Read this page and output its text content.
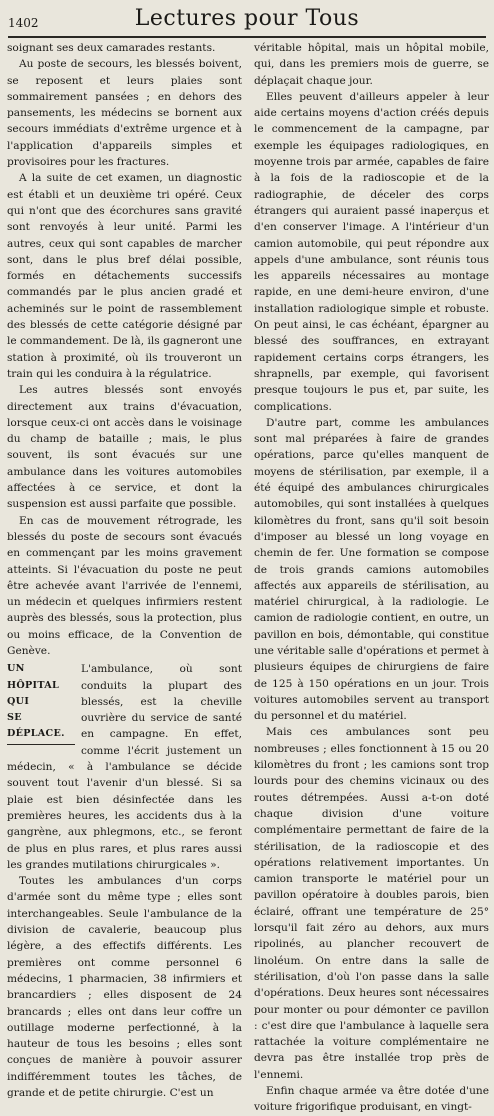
1402	Lectures pour Tous

soignant ses deux camarades restants.

Au poste de secours, les blessés boivent, se reposent et leurs plaies sont sommairement pansées ; en dehors des pansements, les médecins se bornent aux secours immédiats d'extrême urgence et à l'application d'appareils simples et provisoires pour les fractures.

A la suite de cet examen, un diagnostic est établi et un deuxième tri opéré. Ceux qui n'ont que des écorchures sans gravité sont renvoyés à leur unité. Parmi les autres, ceux qui sont capables de marcher sont, dans le plus bref délai possible, formés en détachements successifs commandés par le plus ancien gradé et acheminés sur le point de rassemblement des blessés de cette catégorie désigné par le commandement. De là, ils gagneront une station à proximité, où ils trouveront un train qui les conduira à la régulatrice.

Les autres blessés sont envoyés directement aux trains d'évacuation, lorsque ceux-ci ont accès dans le voisinage du champ de bataille ; mais, le plus souvent, ils sont évacués sur une ambulance dans les voitures automobiles affectées à ce service, et dont la suspension est aussi parfaite que possible.

En cas de mouvement rétrograde, les blessés du poste de secours sont évacués en commençant par les moins gravement atteints. Si l'évacuation du poste ne peut être achevée avant l'arrivée de l'ennemi, un médecin et quelques infirmiers restent auprès des blessés, sous la protection, plus ou moins efficace, de la Convention de Genève.

UN HÔPITAL
QUI
SE DÉPLACE.

L'ambulance, où sont conduits la plupart des blessés, est la cheville ouvrière du service de santé en campagne. En effet, comme l'écrit justement un médecin, « à l'ambulance se décide souvent tout l'avenir d'un blessé. Si sa plaie est bien désinfectée dans les premières heures, les accidents dus à la gangrène, aux phlegmons, etc., se feront de plus en plus rares, et plus rares aussi les grandes mutilations chirurgicales ».

Toutes les ambulances d'un corps d'armée sont du même type ; elles sont interchangeables. Seule l'ambulance de la division de cavalerie, beaucoup plus légère, a des effectifs différents. Les premières ont comme personnel 6 médecins, 1 pharmacien, 38 infirmiers et brancardiers ; elles disposent de 24 brancards ; elles ont dans leur coffre un outillage moderne perfectionné, à la hauteur de tous les besoins ; elles sont conçues de manière à pouvoir assurer indifféremment toutes les tâches, de grande et de petite chirurgie. C'est un

véritable hôpital, mais un hôpital mobile, qui, dans les premiers mois de guerre, se déplaçait chaque jour.

Elles peuvent d'ailleurs appeler à leur aide certains moyens d'action créés depuis le commencement de la campagne, par exemple les équipages radiologiques, en moyenne trois par armée, capables de faire à la fois de la radioscopie et de la radiographie, de déceler des corps étrangers qui auraient passé inaperçus et d'en conserver l'image. A l'intérieur d'un camion automobile, qui peut répondre aux appels d'une ambulance, sont réunis tous les appareils nécessaires au montage rapide, en une demi-heure environ, d'une installation radiologique simple et robuste. On peut ainsi, le cas échéant, épargner au blessé des souffrances, en extrayant rapidement certains corps étrangers, les shrapnells, par exemple, qui favorisent presque toujours le pus et, par suite, les complications.

D'autre part, comme les ambulances sont mal préparées à faire de grandes opérations, parce qu'elles manquent de moyens de stérilisation, par exemple, il a été équipé des ambulances chirurgicales automobiles, qui sont installées à quelques kilomètres du front, sans qu'il soit besoin d'imposer au blessé un long voyage en chemin de fer. Une formation se compose de trois grands camions automobiles affectés aux appareils de stérilisation, au matériel chirurgical, à la radiologie. Le camion de radiologie contient, en outre, un pavillon en bois, démontable, qui constitue une véritable salle d'opérations et permet à plusieurs équipes de chirurgiens de faire de 125 à 150 opérations en un jour. Trois voitures automobiles servent au transport du personnel et du matériel.

Mais ces ambulances sont peu nombreuses ; elles fonctionnent à 15 ou 20 kilomètres du front ; les camions sont trop lourds pour des chemins vicinaux ou des routes détrempées. Aussi a-t-on doté chaque division d'une voiture complémentaire permettant de faire de la stérilisation, de la radioscopie et des opérations relativement importantes. Un camion transporte le matériel pour un pavillon opératoire à doubles parois, bien éclairé, offrant une température de 25° lorsqu'il fait zéro au dehors, aux murs ripolinés, au plancher recouvert de linoléum. On entre dans la salle de stérilisation, d'où l'on passe dans la salle d'opérations. Deux heures sont nécessaires pour monter ou pour démonter ce pavillon : c'est dire que l'ambulance à laquelle sera rattachée la voiture complémentaire ne devra pas être installée trop près de l'ennemi.

Enfin chaque armée va être dotée d'une voiture frigorifique produisant, en vingt-
